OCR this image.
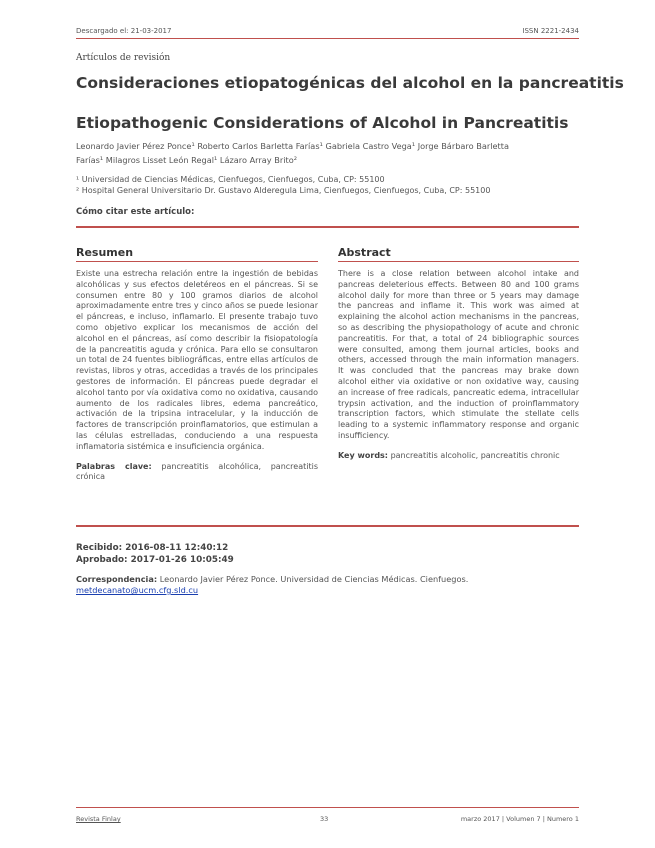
Descargado el: 21-03-2017	ISSN 2221-2434
Artículos de revisión
Consideraciones etiopatogénicas del alcohol en la pancreatitis
Etiopathogenic Considerations of Alcohol in Pancreatitis
Leonardo Javier Pérez Ponce¹ Roberto Carlos Barletta Farías¹ Gabriela Castro Vega¹ Jorge Bárbaro Barletta
Farías¹ Milagros Lisset León Regal¹ Lázaro Array Brito²
¹ Universidad de Ciencias Médicas, Cienfuegos, Cienfuegos, Cuba, CP: 55100
² Hospital General Universitario Dr. Gustavo Alderegula Lima, Cienfuegos, Cienfuegos, Cuba, CP: 55100
Cómo citar este artículo:
Resumen

Existe una estrecha relación entre la ingestión de bebidas alcohólicas y sus efectos deletéreos en el páncreas. Si se consumen entre 80 y 100 gramos diarios de alcohol aproximadamente entre tres y cinco años se puede lesionar el páncreas, e incluso, inflamarlo. El presente trabajo tuvo como objetivo explicar los mecanismos de acción del alcohol en el páncreas, así como describir la fisiopatología de la pancreatitis aguda y crónica. Para ello se consultaron un total de 24 fuentes bibliográficas, entre ellas artículos de revistas, libros y otras, accedidas a través de los principales gestores de información. El páncreas puede degradar el alcohol tanto por vía oxidativa como no oxidativa, causando aumento de los radicales libres, edema pancreático, activación de la tripsina intracelular, y la inducción de factores de transcripción proinflamatorios, que estimulan a las células estrelladas, conduciendo a una respuesta inflamatoria sistémica e insuficiencia orgánica.

Palabras clave: pancreatitis alcohólica, pancreatitis crónica

Abstract

There is a close relation between alcohol intake and pancreas deleterious effects. Between 80 and 100 grams alcohol daily for more than three or 5 years may damage the pancreas and inflame it. This work was aimed at explaining the alcohol action mechanisms in the pancreas, so as describing the physiopathology of acute and chronic pancreatitis. For that, a total of 24 bibliographic sources were consulted, among them journal articles, books and others, accessed through the main information managers. It was concluded that the pancreas may brake down alcohol either via oxidative or non oxidative way, causing an increase of free radicals, pancreatic edema, intracellular trypsin activation, and the induction of proinflammatory transcription factors, which stimulate the stellate cells leading to a systemic inflammatory response and organic insufficiency.

Key words: pancreatitis alcoholic, pancreatitis chronic

Recibido: 2016-08-11 12:40:12
Aprobado: 2017-01-26 10:05:49
Correspondencia: Leonardo Javier Pérez Ponce. Universidad de Ciencias Médicas. Cienfuegos.
metdecanato@ucm.cfg.sld.cu
Revista Finlay	33	marzo 2017 | Volumen 7 | Numero 1
